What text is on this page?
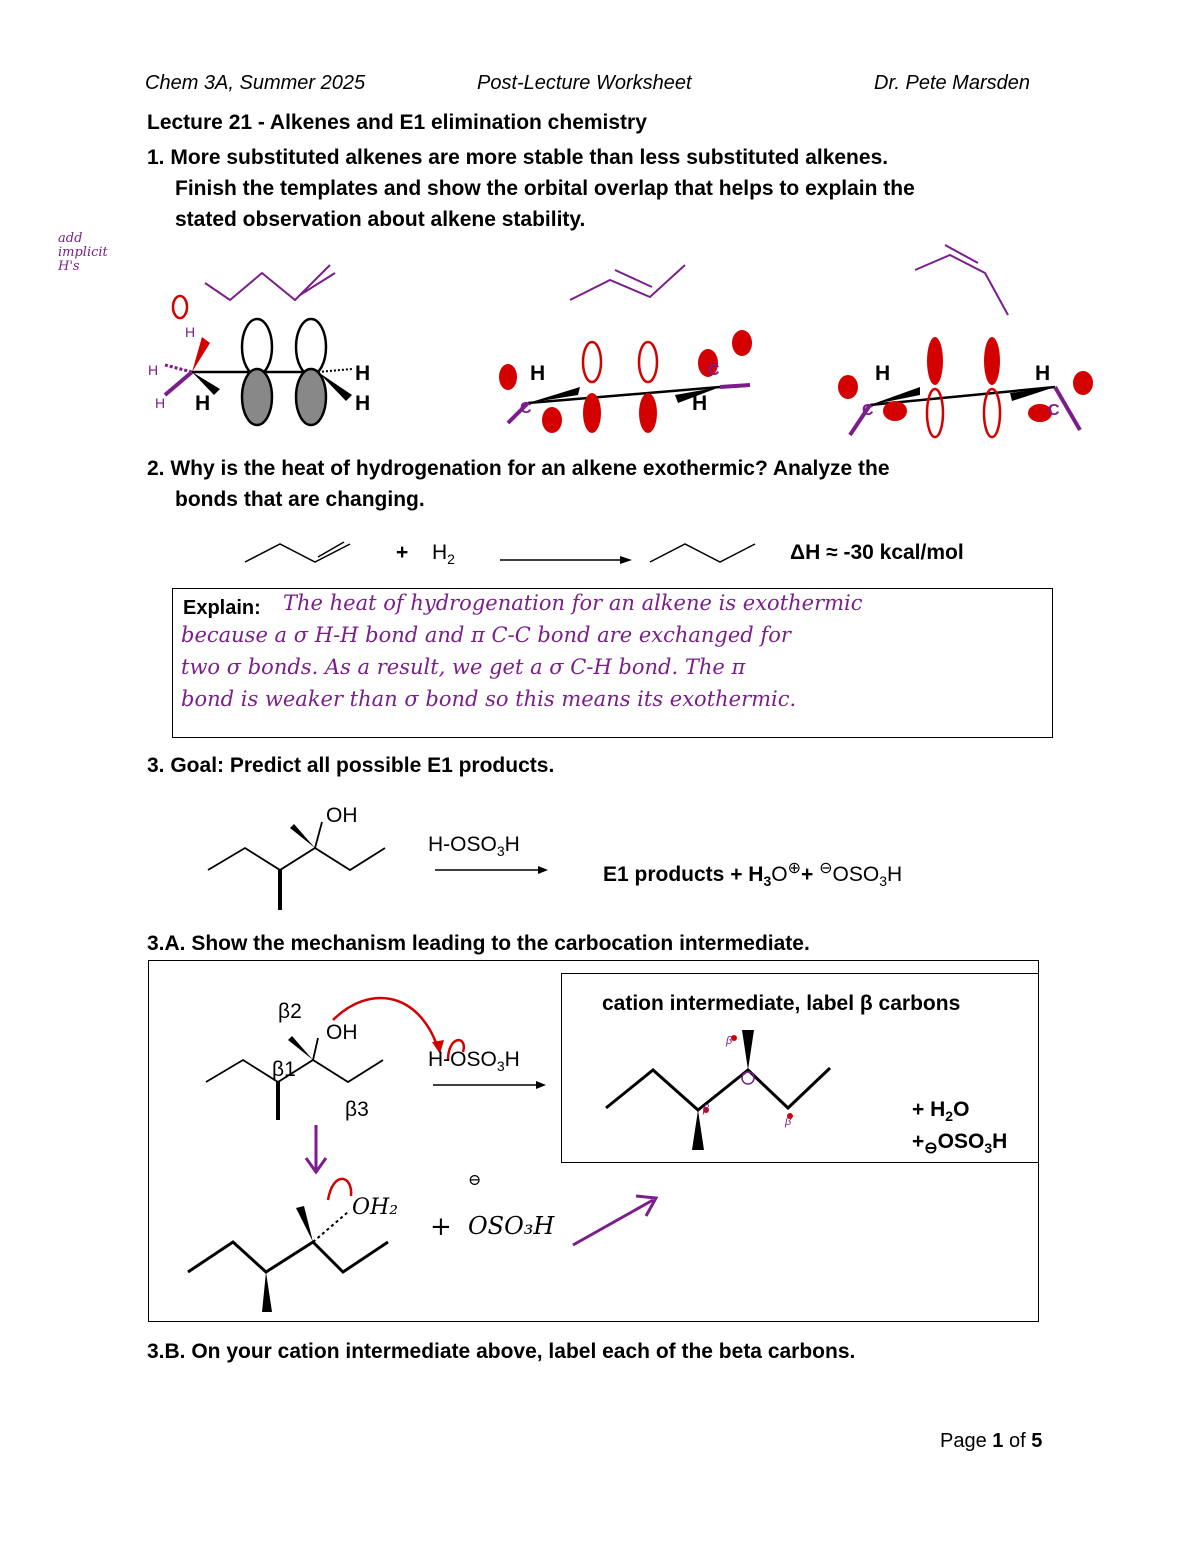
Chem 3A, Summer 2025	Post-Lecture Worksheet	Dr. Pete Marsden
Lecture 21 - Alkenes and E1 elimination chemistry
1. More substituted alkenes are more stable than less substituted alkenes.
Finish the templates and show the orbital overlap that helps to explain the
stated observation about alkene stability.
add implicit H's
H
H
H H
H
H	C
C
H
H	C	C
H	H
2. Why is the heat of hydrogenation for an alkene exothermic? Analyze the
bonds that are changing.
+ $H_2$	ΔH ≈ -30 kcal/mol
Explain: The heat of hydrogenation for an alkene is exothermic
because a σ H-H bond and π C-C bond are exchanged for
two σ bonds. As a result, we get a σ C-H bond. The π
bond is weaker than σ bond so this means its exothermic.
3. Goal: Predict all possible E1 products.
OH
$H-OSO_3H$
E1 products + $H_3O^\oplus+ ^⊖OSO_3H$
3.A. Show the mechanism leading to the carbocation intermediate.
cation intermediate, label β carbons
β
β
β
β2
OH
β1
β3
$H-OSO_3H$
+ $H_2O$
$+_⊖OSO_3H$
OH₂
+
⊖
OSO₃H
3.B. On your cation intermediate above, label each of the beta carbons.
Page 1 of 5
